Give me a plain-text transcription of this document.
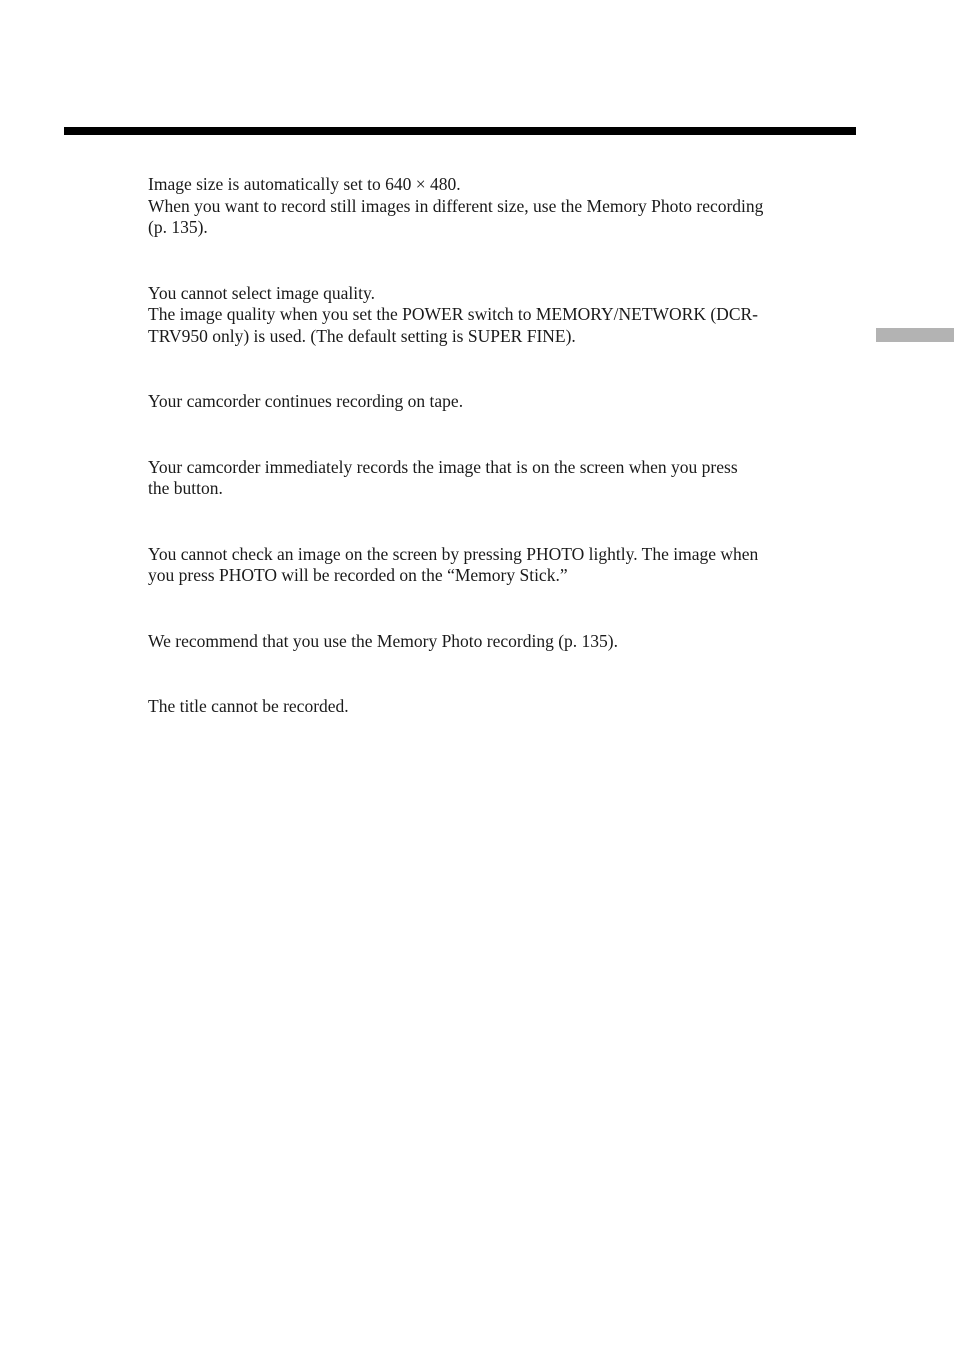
Image size is automatically set to 640 × 480.
When you want to record still images in different size, use the Memory Photo recording
(p. 135).

You cannot select image quality.
The image quality when you set the POWER switch to MEMORY/NETWORK (DCR-
TRV950 only) is used. (The default setting is SUPER FINE).

Your camcorder continues recording on tape.

Your camcorder immediately records the image that is on the screen when you press
the button.

You cannot check an image on the screen by pressing PHOTO lightly. The image when
you press PHOTO will be recorded on the “Memory Stick.”

We recommend that you use the Memory Photo recording (p. 135).

The title cannot be recorded.
